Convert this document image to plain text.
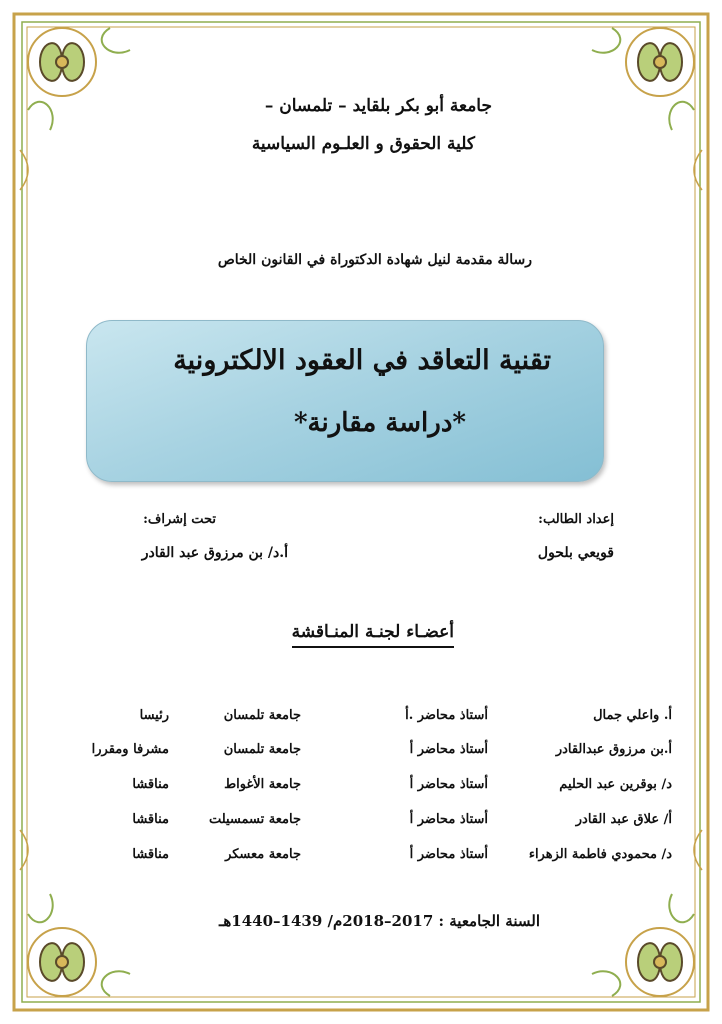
جامعة أبو بكر بلقايد – تلمسان –
كلية الحقوق و العلـوم السياسية
رسالة مقدمة لنيل شهادة الدكتوراة في القانون الخاص
تقنية التعاقد في العقود الالكترونية
*دراسة مقارنة*
إعداد الطالب:
قويعي بلحول
تحت إشراف:
أ.د/ بن مرزوق عبد القادر
أعضـاء لجنـة المنـاقشة
أ. واعلي جمال
أستاذ محاضر .أ
جامعة تلمسان
رئيسا
أ.بن مرزوق عبدالقادر
أستاذ محاضر أ
جامعة تلمسان
مشرفا ومقررا
د/ بوقرين عبد الحليم
أستاذ محاضر أ
جامعة الأغواط
مناقشا
أ/ علاق عبد القادر
أستاذ محاضر أ
جامعة تسمسيلت
مناقشا
د/ محمودي فاطمة الزهراء
أستاذ محاضر أ
جامعة معسكر
مناقشا
السنة الجامعية : 2017–2018م/ 1439–1440هـ
